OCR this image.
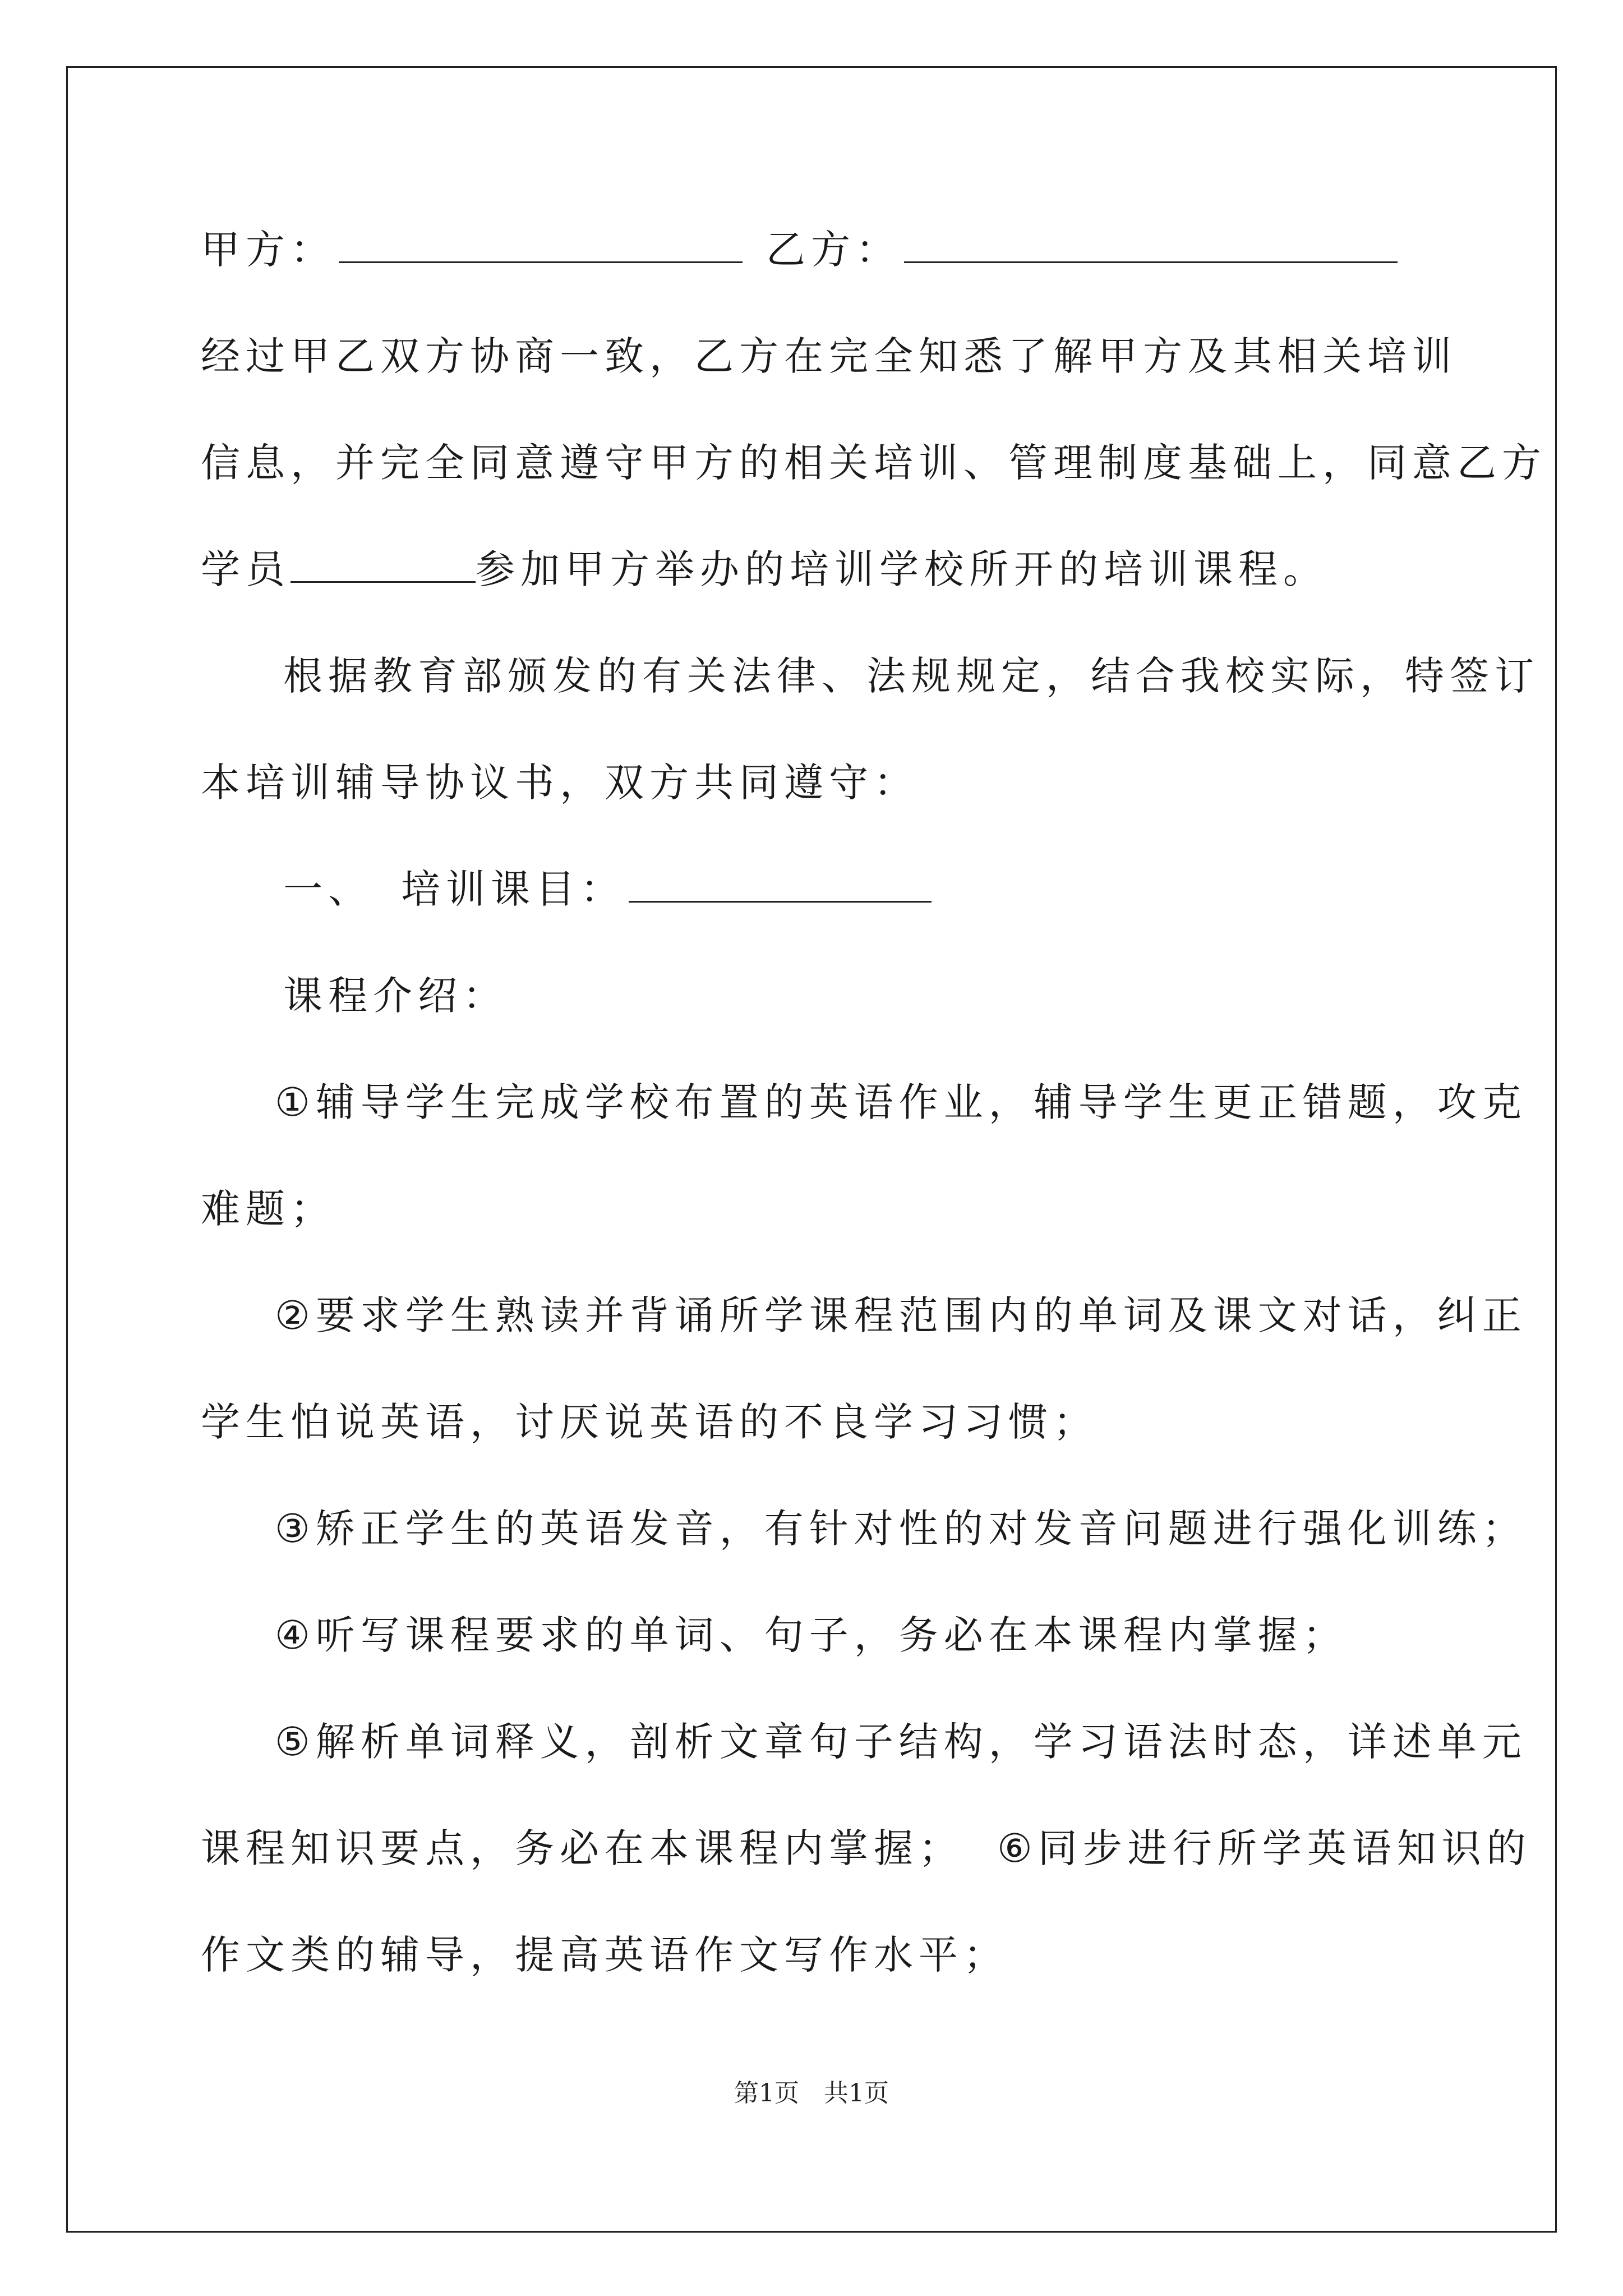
甲方：	乙方：
经过甲乙双方协商一致，乙方在完全知悉了解甲方及其相关培训
信息，并完全同意遵守甲方的相关培训、管理制度基础上，同意乙方
学员	参加甲方举办的培训学校所开的培训课程。
根据教育部颁发的有关法律、法规规定，结合我校实际，特签订
本培训辅导协议书，双方共同遵守：
一、 培训课目：
课程介绍：
①辅导学生完成学校布置的英语作业，辅导学生更正错题，攻克
难题；
②要求学生熟读并背诵所学课程范围内的单词及课文对话，纠正
学生怕说英语，讨厌说英语的不良学习习惯；
③矫正学生的英语发音，有针对性的对发音问题进行强化训练；
④听写课程要求的单词、句子，务必在本课程内掌握；
⑤解析单词释义，剖析文章句子结构，学习语法时态，详述单元
课程知识要点，务必在本课程内掌握； ⑥同步进行所学英语知识的
作文类的辅导，提高英语作文写作水平；
第1页　共1页
